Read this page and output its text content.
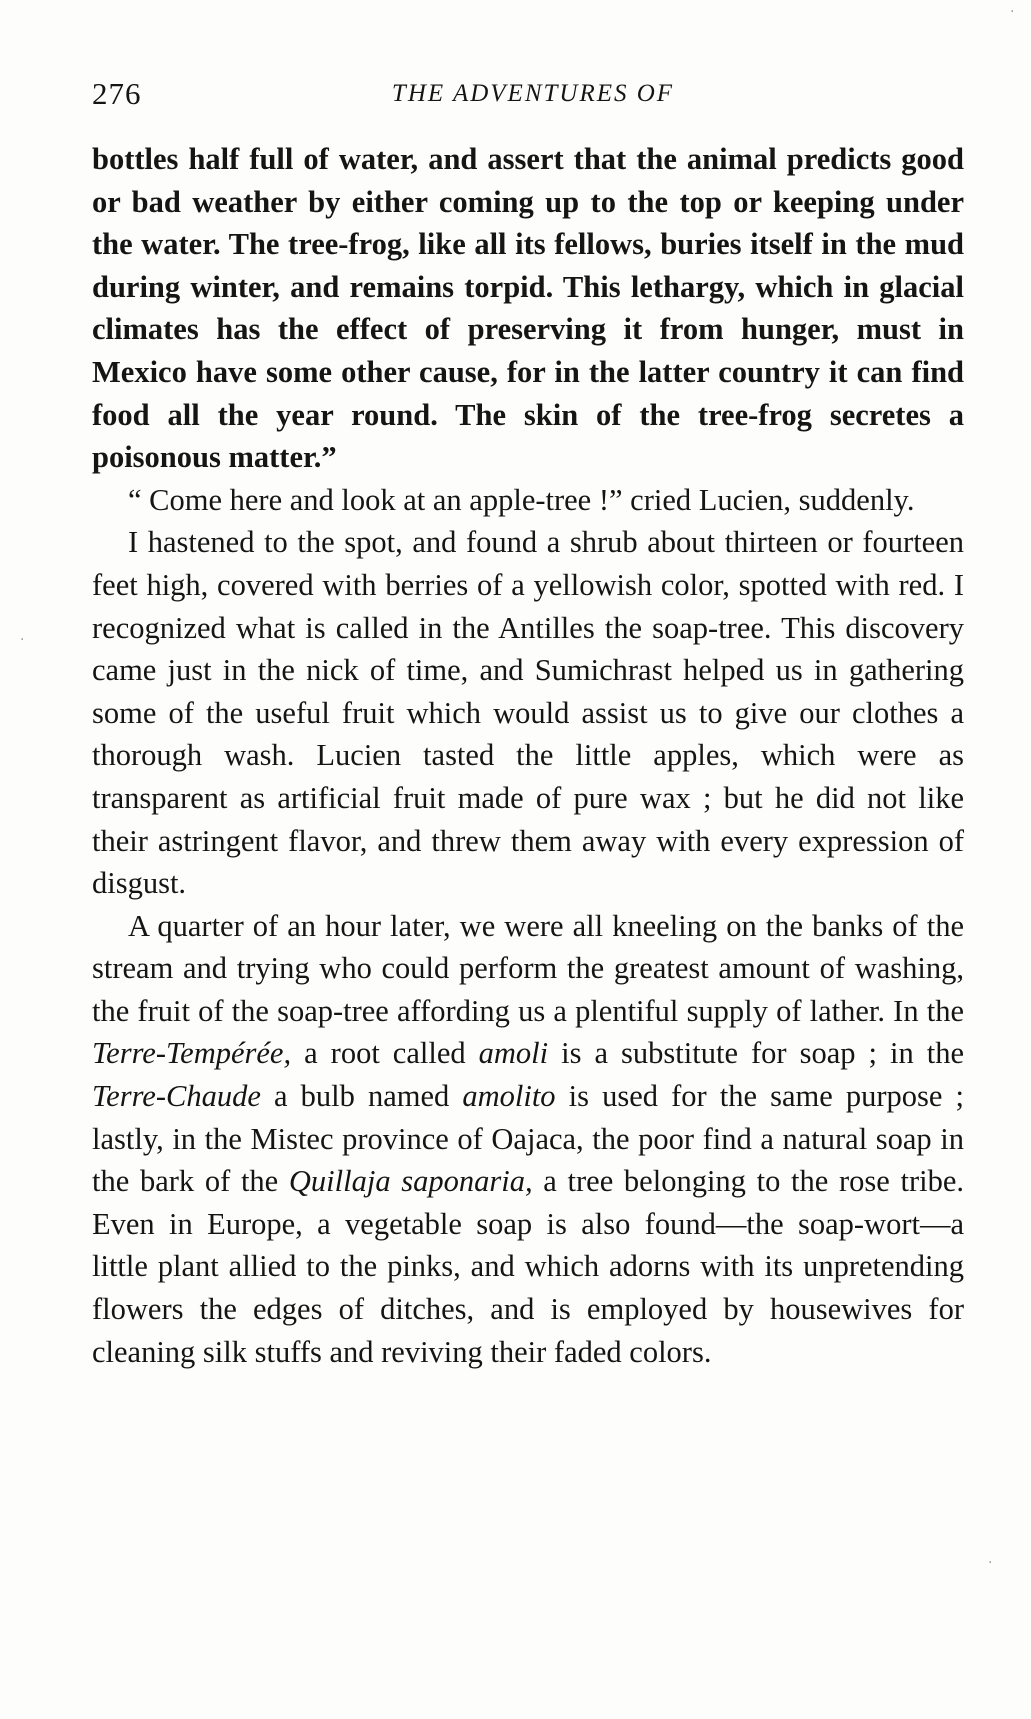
276	THE ADVENTURES OF

bottles half full of water, and assert that the animal predicts good or bad weather by either coming up to the top or keeping under the water. The tree-frog, like all its fellows, buries itself in the mud during winter, and remains torpid. This lethargy, which in glacial climates has the effect of preserving it from hunger, must in Mexico have some other cause, for in the latter country it can find food all the year round. The skin of the tree-frog secretes a poisonous matter.”

“ Come here and look at an apple-tree !” cried Lucien, suddenly.

I hastened to the spot, and found a shrub about thirteen or fourteen feet high, covered with berries of a yellowish color, spotted with red. I recognized what is called in the Antilles the soap-tree. This discovery came just in the nick of time, and Sumichrast helped us in gathering some of the useful fruit which would assist us to give our clothes a thorough wash. Lucien tasted the little apples, which were as transparent as artificial fruit made of pure wax ; but he did not like their astringent flavor, and threw them away with every expression of disgust.

A quarter of an hour later, we were all kneeling on the banks of the stream and trying who could perform the greatest amount of washing, the fruit of the soap-tree affording us a plentiful supply of lather. In the Terre-Tempérée, a root called amoli is a substitute for soap ; in the Terre-Chaude a bulb named amolito is used for the same purpose ; lastly, in the Mistec province of Oajaca, the poor find a natural soap in the bark of the Quillaja saponaria, a tree belonging to the rose tribe. Even in Europe, a vegetable soap is also found—the soap-wort—a little plant allied to the pinks, and which adorns with its unpretending flowers the edges of ditches, and is employed by housewives for cleaning silk stuffs and reviving their faded colors.

·
·
·
